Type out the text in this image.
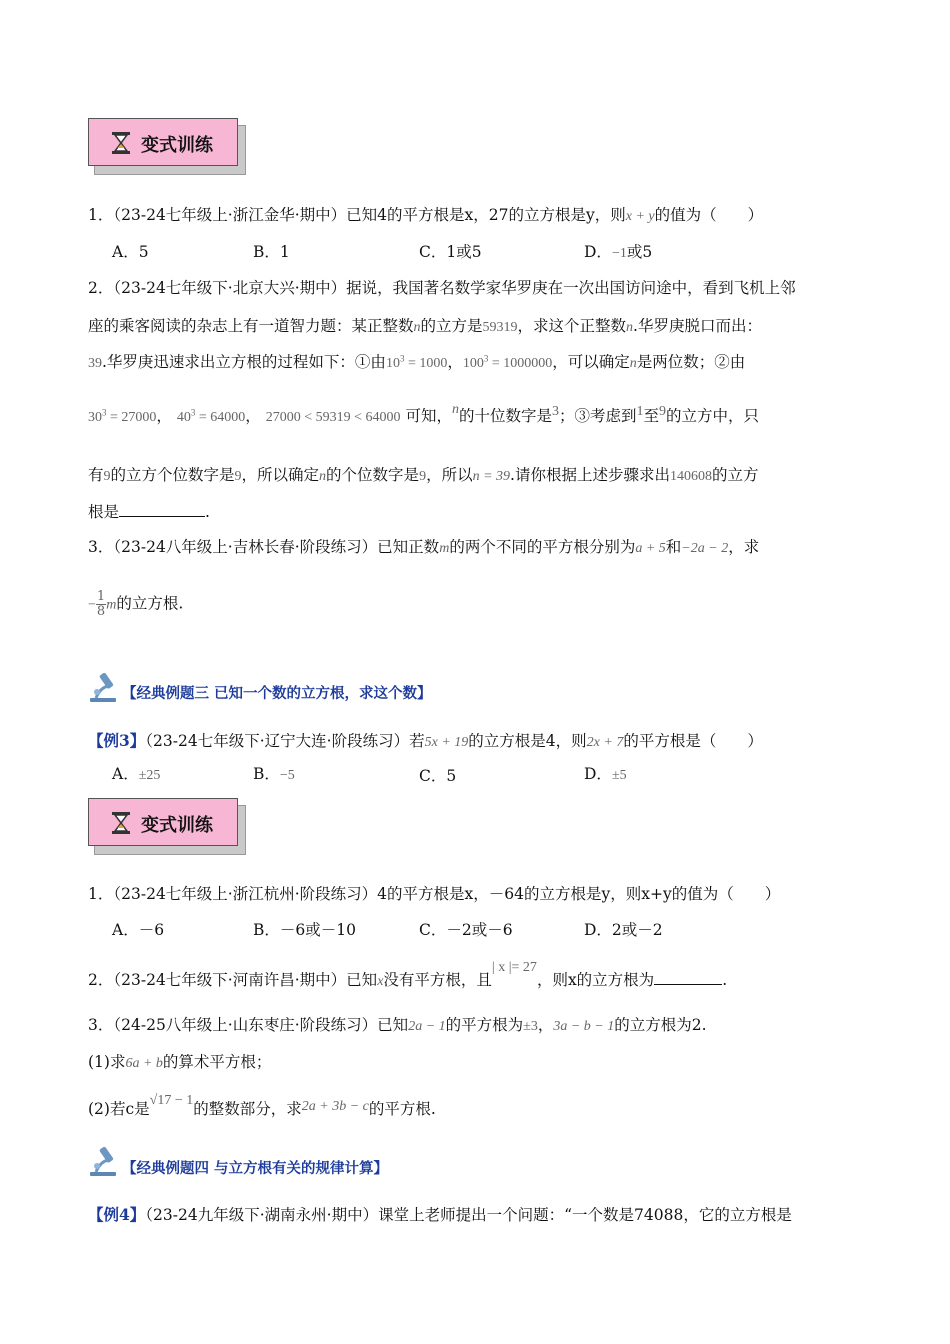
变式训练
1．（23-24七年级上·浙江金华·期中）已知4的平方根是x，27的立方根是y，则x + y的值为（　　）
A．5	B．1	C．1或5	D．−1或5
2．（23-24七年级下·北京大兴·期中）据说，我国著名数学家华罗庚在一次出国访问途中，看到飞机上邻
座的乘客阅读的杂志上有一道智力题：某正整数n的立方是59319，求这个正整数n.华罗庚脱口而出：
39.华罗庚迅速求出立方根的过程如下：①由$10^3 = 1000$，$100^3 = 1000000$，可以确定n是两位数；②由
$30^3 = 27000$， $40^3 = 64000$， 27000 < 59319 < 64000 可知，n的十位数字是3；③考虑到1至9的立方中，只
有9的立方个位数字是9，所以确定n的个位数字是9，所以n = 39.请你根据上述步骤求出140608的立方
根是	.
3．（23-24八年级上·吉林长春·阶段练习）已知正数m的两个不同的平方根分别为a + 5和−2a − 2，求
− $\frac{1}{8}$ m的立方根.
【经典例题三 已知一个数的立方根，求这个数】
【例3】（23-24七年级下·辽宁大连·阶段练习）若5x + 19的立方根是4，则2x + 7的平方根是（　　）
A．±25	B．−5	C．5	D．±5
变式训练
1．（23-24七年级上·浙江杭州·阶段练习）4的平方根是x，－64的立方根是y，则x+y的值为（　　）
A．－6	B．－6或－10	C．－2或－6	D．2或－2
2．（23-24七年级下·河南许昌·期中）已知x没有平方根，且| x |= 27，则x的立方根为	.
3．（24-25八年级上·山东枣庄·阶段练习）已知2a − 1的平方根为±3，3a − b − 1的立方根为2.
(1)求6a + b的算术平方根；
(2)若c是√17 − 1的整数部分，求2a + 3b − c的平方根.
【经典例题四 与立方根有关的规律计算】
【例4】（23-24九年级下·湖南永州·期中）课堂上老师提出一个问题：“一个数是74088，它的立方根是
